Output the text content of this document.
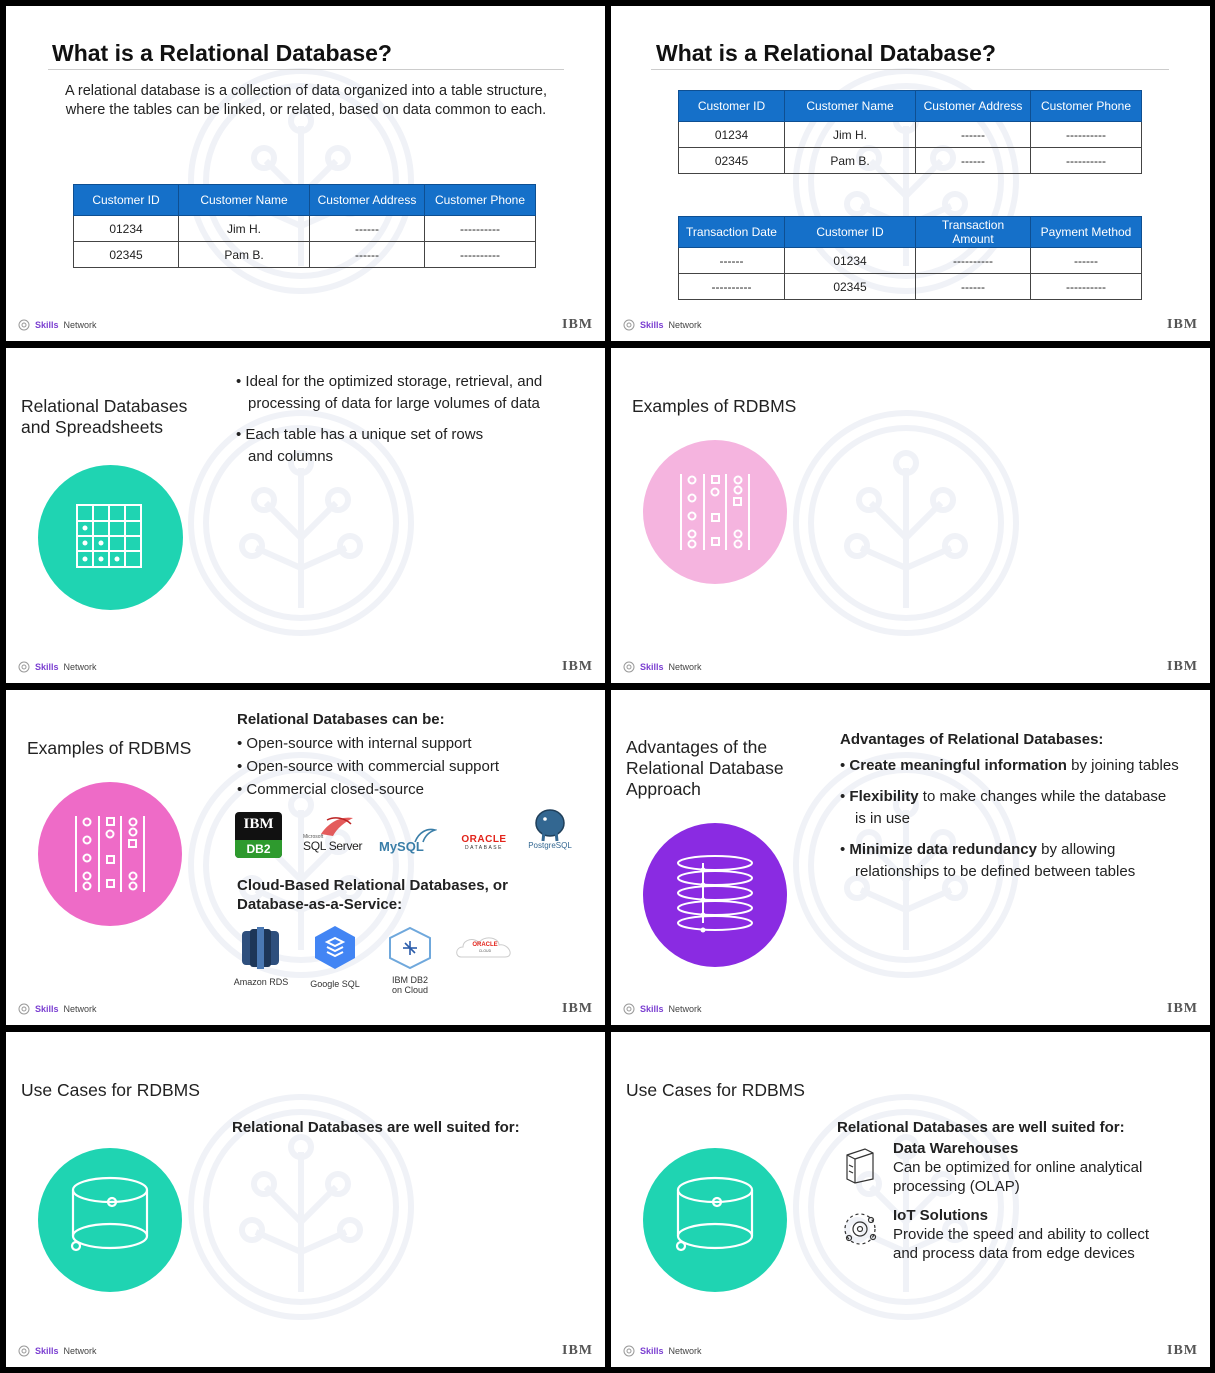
What is a Relational Database?
A relational database is a collection of data organized into a table structure,
where the tables can be linked, or related, based on data common to each.
Customer ID	Customer Name	Customer Address	Customer Phone
01234	Jim H.	------	----------
02345	Pam B.	------	----------
Skills Network	IBM
What is a Relational Database?
Customer ID	Customer Name	Customer Address	Customer Phone
01234	Jim H.	------	----------
02345	Pam B.	------	----------
Transaction Date	Customer ID	Transaction Amount	Payment Method
------	01234	----------	------
----------	02345	------	----------
Skills Network	IBM
Relational Databases
and Spreadsheets
• Ideal for the optimized storage, retrieval, and
processing of data for large volumes of data
• Each table has a unique set of rows
and columns
Skills Network	IBM
Examples of RDBMS
Skills Network	IBM
Examples of RDBMS
Relational Databases can be:
• Open-source with internal support
• Open-source with commercial support
• Commercial closed-source
IBM
DB2
Microsoft
SQL Server MySQL	ORACLE
DATABASE	PostgreSQL
Cloud-Based Relational Databases, or
Database-as-a-Service:
Amazon RDS	Google SQL	IBM DB2
on Cloud
ORACLE
CLOUD
Skills Network	IBM
Advantages of the
Relational Database
Approach
Advantages of Relational Databases:
• Create meaningful information by joining tables
• Flexibility to make changes while the database
is in use
• Minimize data redundancy by allowing
relationships to be defined between tables
Skills Network	IBM
Use Cases for RDBMS
Relational Databases are well suited for:
Skills Network	IBM
Use Cases for RDBMS
Relational Databases are well suited for:
Data Warehouses
Can be optimized for online analytical
processing (OLAP)
IoT Solutions
Provide the speed and ability to collect
and process data from edge devices
Skills Network	IBM
